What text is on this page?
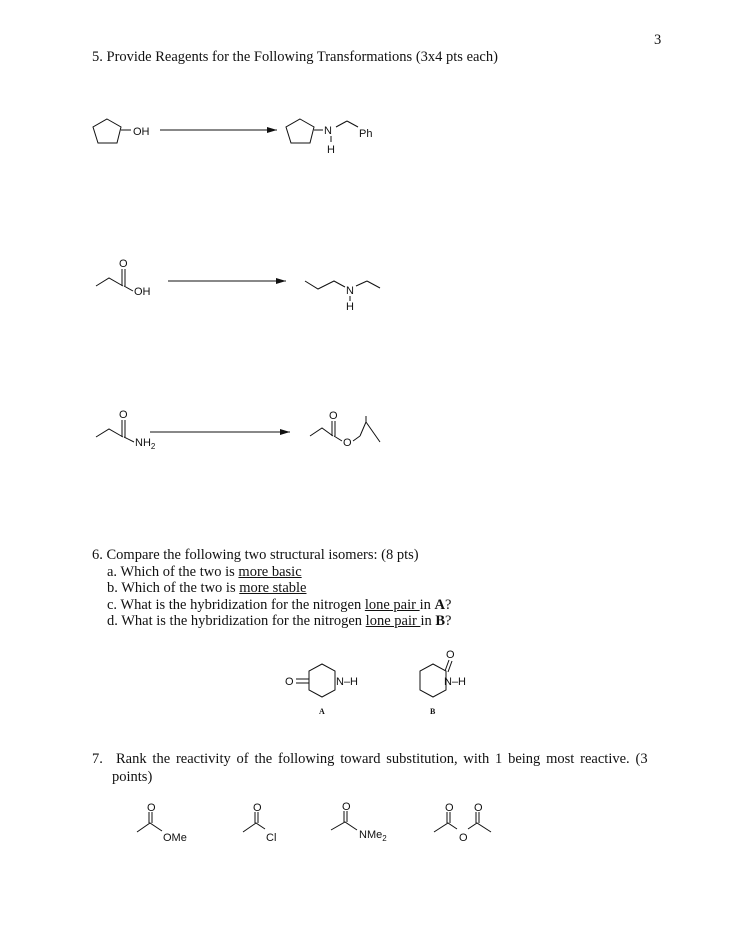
3
5. Provide Reagents for the Following Transformations (3x4 pts each)
6. Compare the following two structural isomers: (8 pts)
a. Which of the two is more basic
b. Which of the two is more stable
c. What is the hybridization for the nitrogen lone pair in A?
d. What is the hybridization for the nitrogen lone pair in B?
7. Rank the reactivity of the following toward substitution, with 1 being most reactive. (3
points)
OH	N
H
Ph
O
OH	N
H
O
$NH_2$
O
O
O	N–H
A
O
N–H
B
O
OMe
O
Cl
O
NMe$_2$
O O
O
